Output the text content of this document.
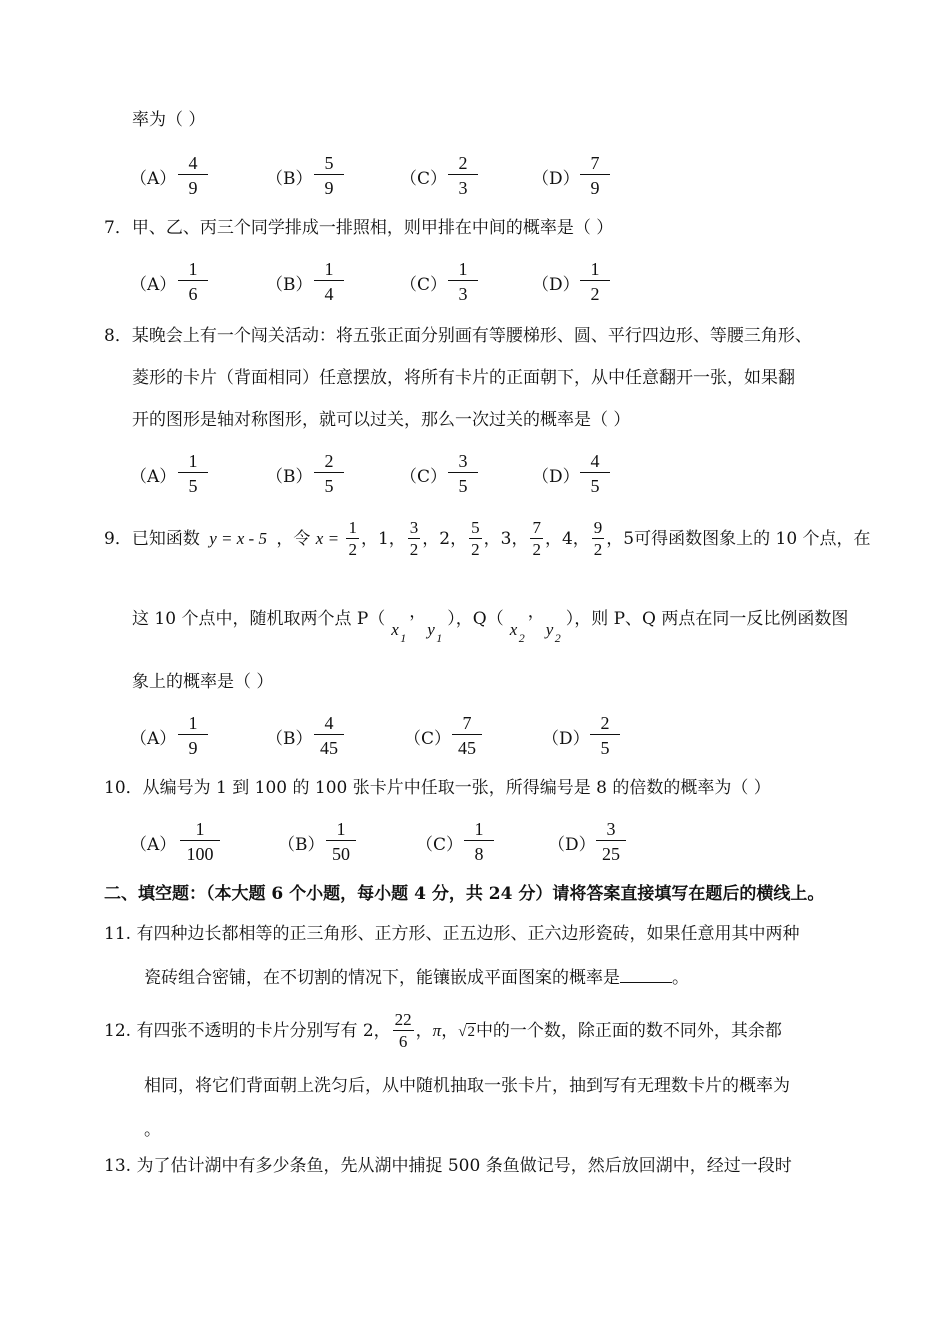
率为（ ）
$(A) \frac{4}{9}$	$(B) \frac{5}{9}$	$(C) \frac{2}{3}$	$(D) \frac{7}{9}$
7．甲、乙、丙三个同学排成一排照相，则甲排在中间的概率是（ ）
$(A) \frac{1}{6}$	$(B) \frac{1}{4}$	$(C) \frac{1}{3}$	$(D) \frac{1}{2}$
8．某晚会上有一个闯关活动：将五张正面分别画有等腰梯形、圆、平行四边形、等腰三角形、
菱形的卡片（背面相同）任意摆放，将所有卡片的正面朝下，从中任意翻开一张，如果翻
开的图形是轴对称图形，就可以过关，那么一次过关的概率是（ ）
$(A) \frac{1}{5}$	$(B) \frac{2}{5}$	$(C) \frac{3}{5}$	$(D) \frac{4}{5}$
9．已知函数 y = x - 5 ，令 $x = \frac{1}{2}$ ，1， $\frac{3}{2}$ ，2， $\frac{5}{2}$ ，3， $\frac{7}{2}$ ，4， $\frac{9}{2}$ ，5可得函数图象上的 10 个点，在
这 10 个点中，随机取两个点 P（
x 1
，
y 1
），Q（
x 2
，
y 2
），则 P、Q 两点在同一反比例函数图
象上的概率是（ ）
$(A) \frac{1}{9}$	$(B) \frac{4}{45}$	$(C) \frac{7}{45}$	$(D) \frac{2}{5}$
10．从编号为 1 到 100 的 100 张卡片中任取一张，所得编号是 8 的倍数的概率为（ ）
$(A) \frac{1}{100}$	$(B) \frac{1}{50}$	$(C) \frac{1}{8}$	$(D) \frac{3}{25}$
二、填空题：（本大题 6 个小题，每小题 4 分，共 24 分）请将答案直接填写在题后的横线上。
11. 有四种边长都相等的正三角形、正方形、正五边形、正六边形瓷砖，如果任意用其中两种
瓷砖组合密铺，在不切割的情况下，能镶嵌成平面图案的概率是	。
12. 有四张不透明的卡片分别写有 2， $\frac{22}{6}$ ，π，√2中的一个数，除正面的数不同外，其余都
相同，将它们背面朝上洗匀后，从中随机抽取一张卡片，抽到写有无理数卡片的概率为
。
13. 为了估计湖中有多少条鱼，先从湖中捕捉 500 条鱼做记号，然后放回湖中，经过一段时
